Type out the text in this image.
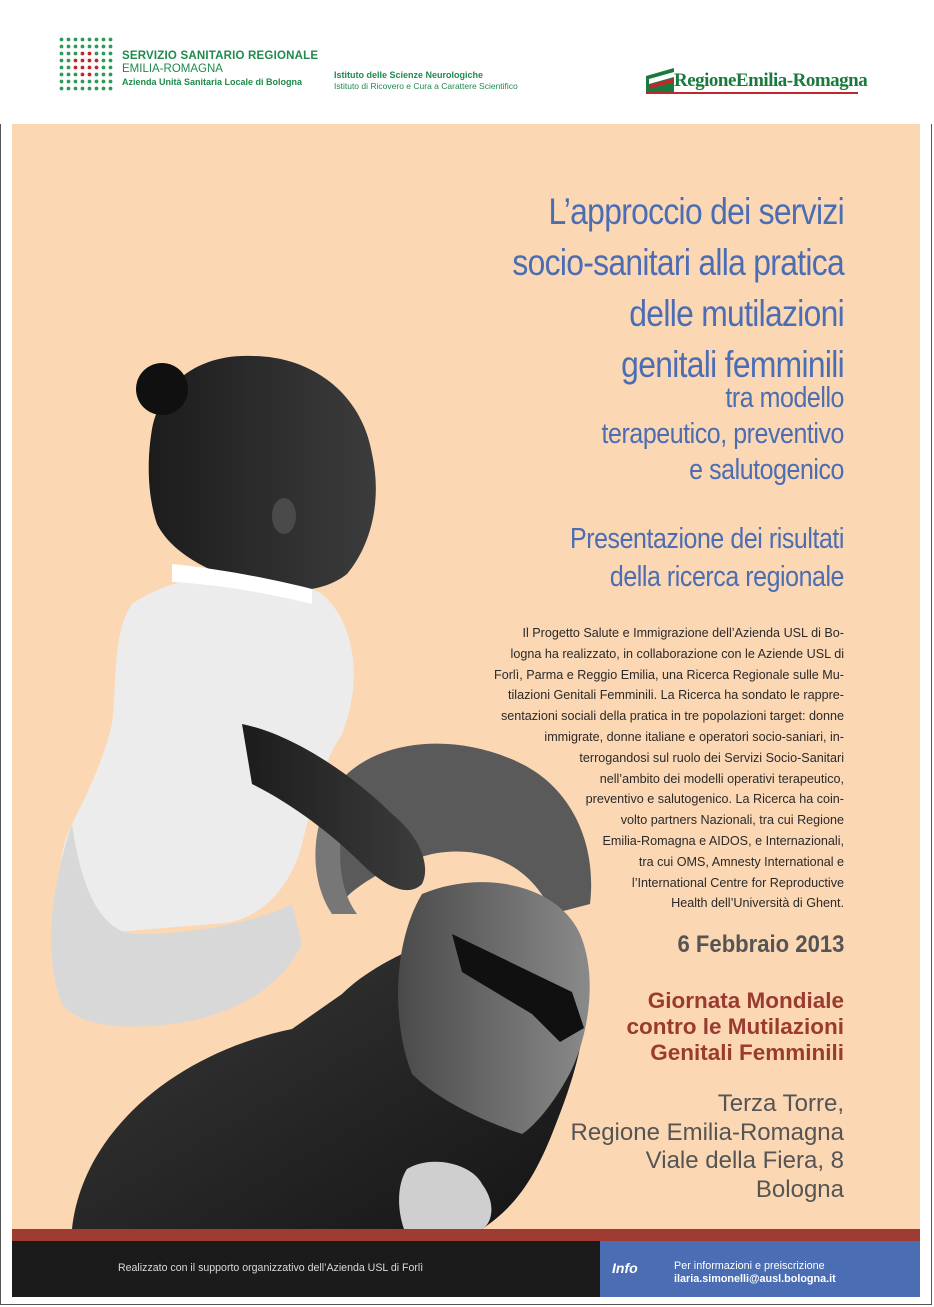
SERVIZIO SANITARIO REGIONALE
EMILIA-ROMAGNA
Azienda Unità Sanitaria Locale di Bologna
Istituto delle Scienze Neurologiche
Istituto di Ricovero e Cura a Carattere Scientifico	RegioneEmilia-Romagna
L’approccio dei servizi
socio-sanitari alla pratica
delle mutilazioni
genitali femminili
tra modello
terapeutico, preventivo
e salutogenico
Presentazione dei risultati
della ricerca regionale
Il Progetto Salute e Immigrazione dell’Azienda USL di Bo-
logna ha realizzato, in collaborazione con le Aziende USL di
Forlì, Parma e Reggio Emilia, una Ricerca Regionale sulle Mu-
tilazioni Genitali Femminili. La Ricerca ha sondato le rappre-
sentazioni sociali della pratica in tre popolazioni target: donne
immigrate, donne italiane e operatori socio-saniari, in-
terrogandosi sul ruolo dei Servizi Socio-Sanitari
nell’ambito dei modelli operativi terapeutico,
preventivo e salutogenico. La Ricerca ha coin-
volto partners Nazionali, tra cui Regione
Emilia-Romagna e AIDOS, e Internazionali,
tra cui OMS, Amnesty International e
l’International Centre for Reproductive
Health dell’Università di Ghent.
6 Febbraio 2013
Giornata Mondiale
contro le Mutilazioni
Genitali Femminili
Terza Torre,
Regione Emilia-Romagna
Viale della Fiera, 8
Bologna
Realizzato con il supporto organizzativo dell’Azienda USL di Forlì	Info	Per informazioni e preiscrizione
ilaria.simonelli@ausl.bologna.it
